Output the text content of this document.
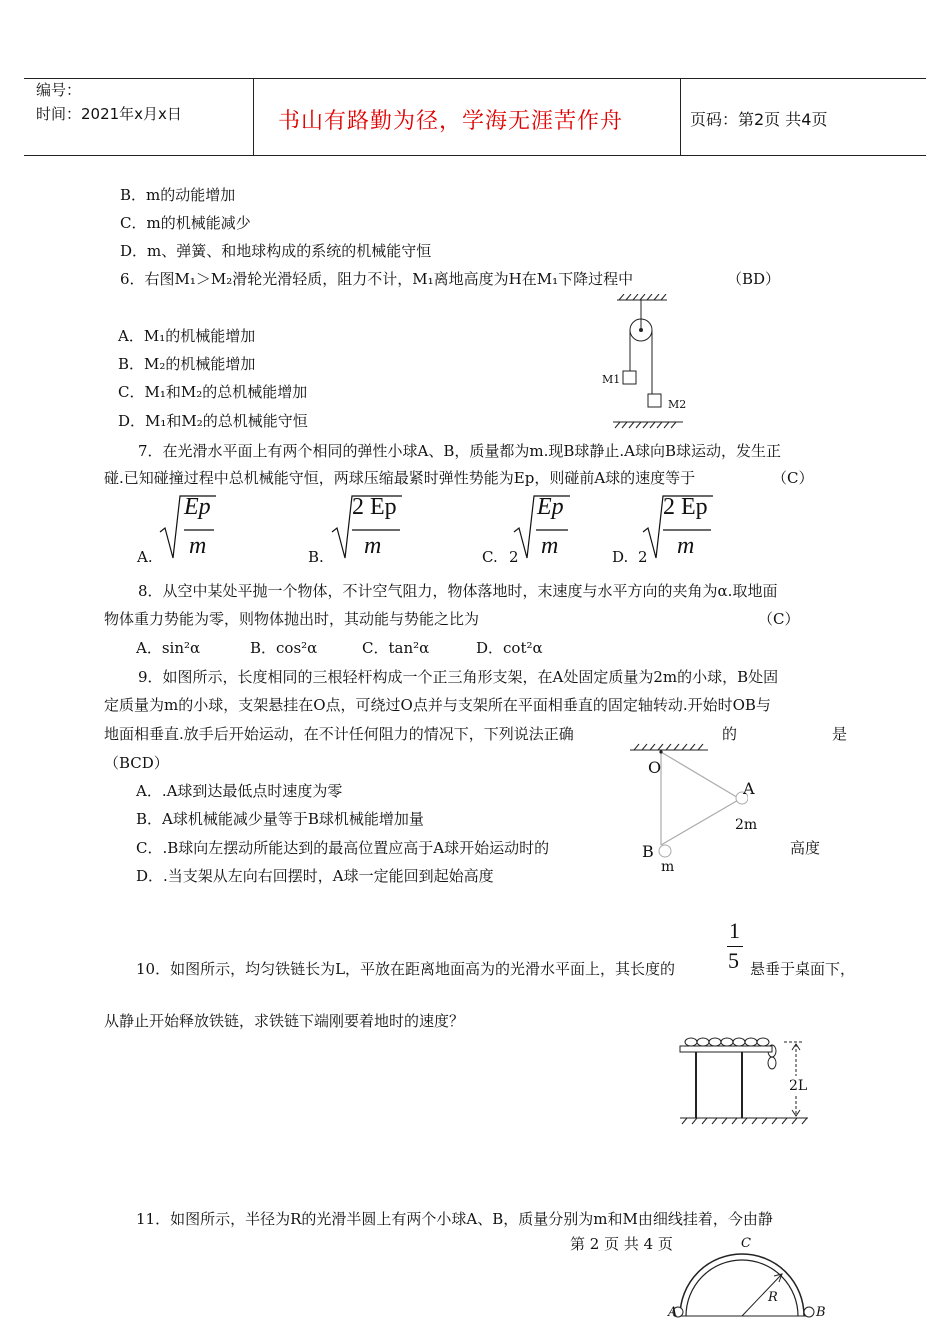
编号：
时间：2021年x月x日	书山有路勤为径，学海无涯苦作舟	页码：第2页 共4页
B．m的动能增加
C．m的机械能减少
D．m、弹簧、和地球构成的系统的机械能守恒
6．右图M₁＞M₂滑轮光滑轻质，阻力不计，M₁离地高度为H在M₁下降过程中	（BD）
A．M₁的机械能增加
B．M₂的机械能增加
C．M₁和M₂的总机械能增加
D．M₁和M₂的总机械能守恒
M1
M2
7．在光滑水平面上有两个相同的弹性小球A、B，质量都为m.现B球静止.A球向B球运动，发生正
碰.已知碰撞过程中总机械能守恒，两球压缩最紧时弹性势能为Ep，则碰前A球的速度等于	（C）
A.
Ep
m	B.
2 Ep
m	C. 2
Ep
m	D. 2
2 Ep
m
8．从空中某处平抛一个物体，不计空气阻力，物体落地时，末速度与水平方向的夹角为α.取地面
物体重力势能为零，则物体抛出时，其动能与势能之比为	（C）
A．sin²α	B．cos²α	C．tan²α	D．cot²α
9．如图所示，长度相同的三根轻杆构成一个正三角形支架，在A处固定质量为2m的小球，B处固
定质量为m的小球，支架悬挂在O点，可绕过O点并与支架所在平面相垂直的固定轴转动.开始时OB与
地面相垂直.放手后开始运动，在不计任何阻力的情况下，下列说法正确	的	是
（BCD）
A．.A球到达最低点时速度为零
B．A球机械能减少量等于B球机械能增加量
C．.B球向左摆动所能达到的最高位置应高于A球开始运动时的	高度
D．.当支架从左向右回摆时，A球一定能回到起始高度
O
A
2m
B
m
10．如图所示，均匀铁链长为L，平放在距离地面高为的光滑水平面上，其长度的
1
5 悬垂于桌面下，
从静止开始释放铁链，求铁链下端刚要着地时的速度？
2L
11．如图所示，半径为R的光滑半圆上有两个小球A、B，质量分别为m和M由细线挂着，今由静
C
R
A	B
第 2 页 共 4 页
